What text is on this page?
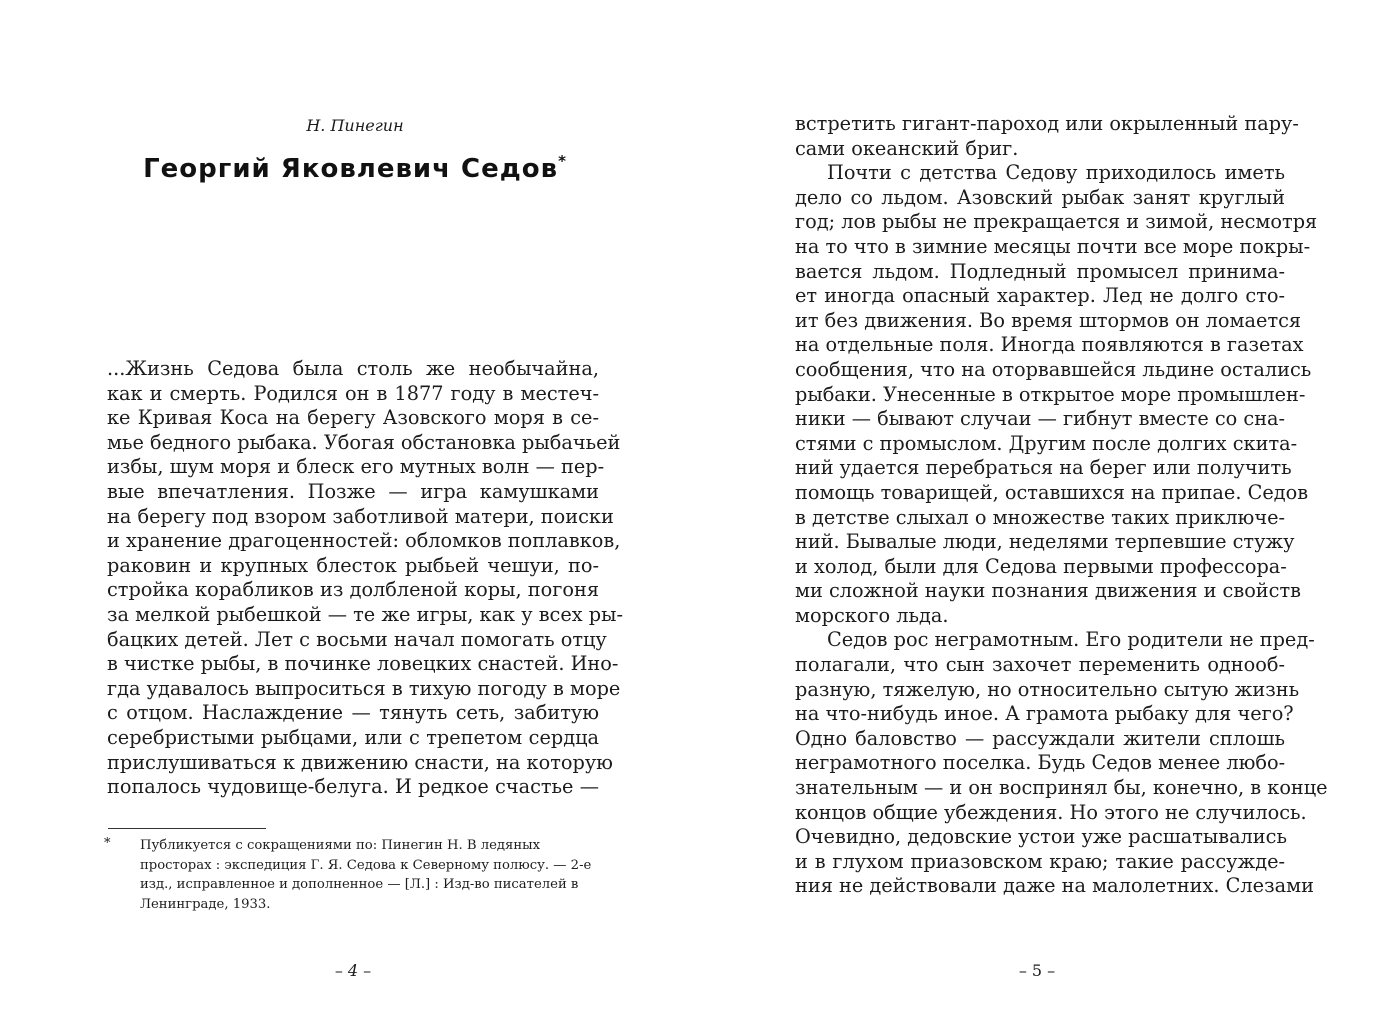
Н. Пинегин
Георгий Яковлевич Седов*
...Жизнь Седова была столь же необычайна,
как и смерть. Родился он в 1877 году в местеч-
ке Кривая Коса на берегу Азовского моря в се-
мье бедного рыбака. Убогая обстановка рыбачьей
избы, шум моря и блеск его мутных волн — пер-
вые впечатления. Позже — игра камушками
на берегу под взором заботливой матери, поиски
и хранение драгоценностей: обломков поплавков,
раковин и крупных блесток рыбьей чешуи, по-
стройка корабликов из долбленой коры, погоня
за мелкой рыбешкой — те же игры, как у всех ры-
бацких детей. Лет с восьми начал помогать отцу
в чистке рыбы, в починке ловецких снастей. Ино-
гда удавалось выпроситься в тихую погоду в море
с отцом. Наслаждение — тянуть сеть, забитую
серебристыми рыбцами, или с трепетом сердца
прислушиваться к движению снасти, на которую
попалось чудовище-белуга. И редкое счастье —
* Публикуется с сокращениями по: Пинегин Н. В ледяных просторах : экспедиция Г. Я. Седова к Северному полюсу. — 2-е изд., исправленное и дополненное — [Л.] : Изд-во писателей в Ленинграде, 1933.
– 4 –
встретить гигант-пароход или окрыленный пару-
сами океанский бриг.
Почти с детства Седову приходилось иметь
дело со льдом. Азовский рыбак занят круглый
год; лов рыбы не прекращается и зимой, несмотря
на то что в зимние месяцы почти все море покры-
вается льдом. Подледный промысел принима-
ет иногда опасный характер. Лед не долго сто-
ит без движения. Во время штормов он ломается
на отдельные поля. Иногда появляются в газетах
сообщения, что на оторвавшейся льдине остались
рыбаки. Унесенные в открытое море промышлен-
ники — бывают случаи — гибнут вместе со сна-
стями с промыслом. Другим после долгих скита-
ний удается перебраться на берег или получить
помощь товарищей, оставшихся на припае. Седов
в детстве слыхал о множестве таких приключе-
ний. Бывалые люди, неделями терпевшие стужу
и холод, были для Седова первыми профессора-
ми сложной науки познания движения и свойств
морского льда.
Седов рос неграмотным. Его родители не пред-
полагали, что сын захочет переменить однооб-
разную, тяжелую, но относительно сытую жизнь
на что-нибудь иное. А грамота рыбаку для чего?
Одно баловство — рассуждали жители сплошь
неграмотного поселка. Будь Седов менее любо-
знательным — и он воспринял бы, конечно, в конце
концов общие убеждения. Но этого не случилось.
Очевидно, дедовские устои уже расшатывались
и в глухом приазовском краю; такие рассужде-
ния не действовали даже на малолетних. Слезами
– 5 –
